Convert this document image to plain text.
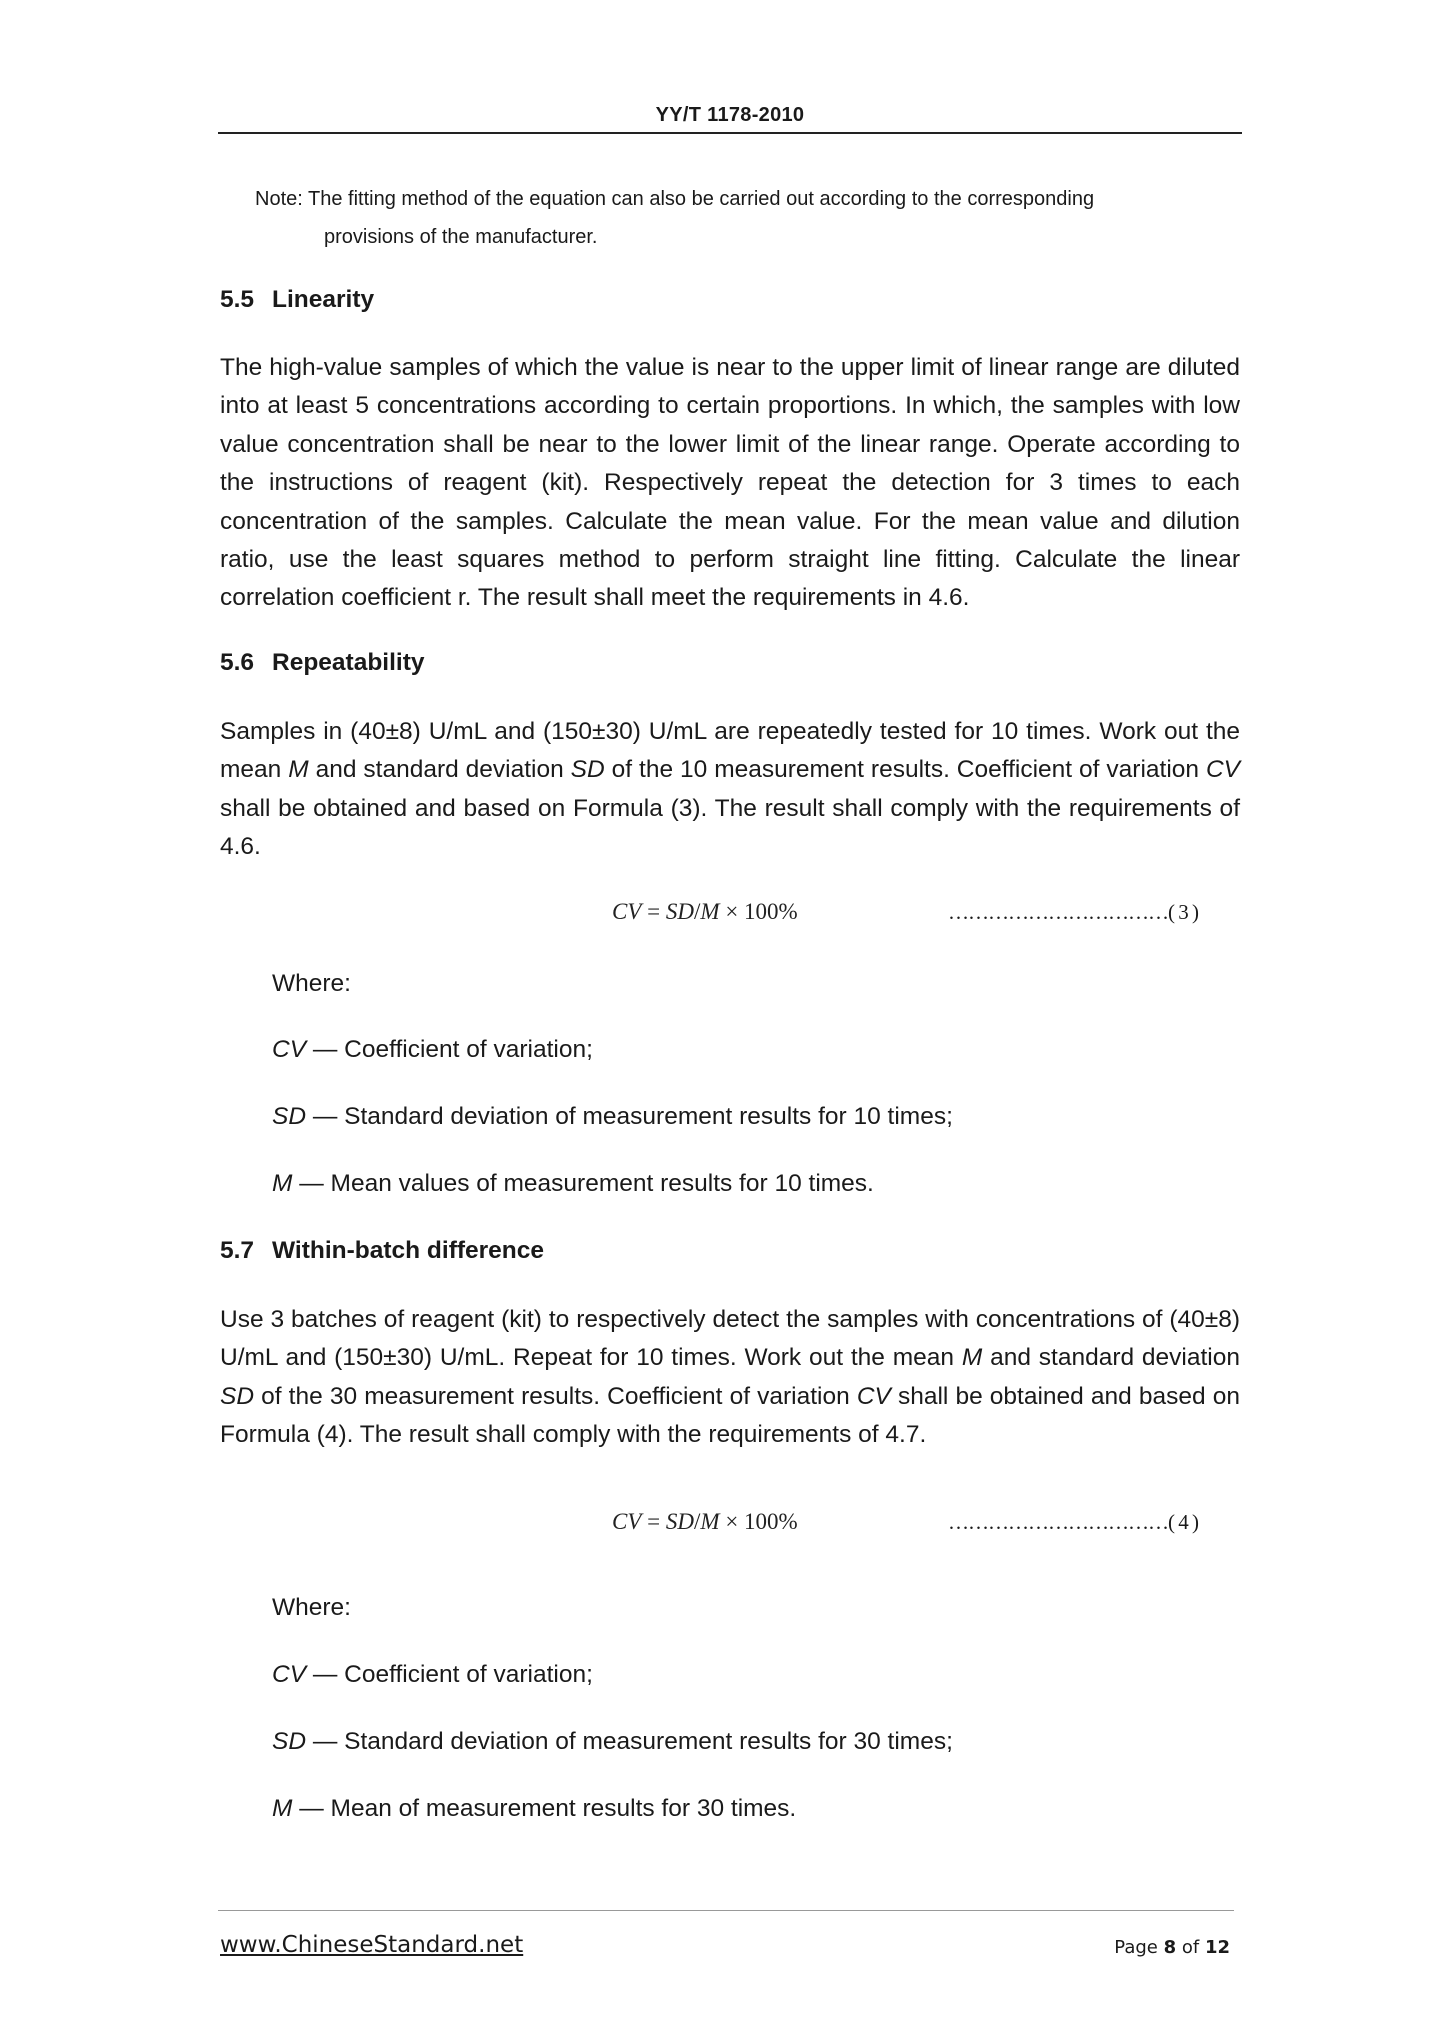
YY/T 1178-2010
Note: The fitting method of the equation can also be carried out according to the corresponding
provisions of the manufacturer.
5.5 Linearity
The high-value samples of which the value is near to the upper limit of linear range are diluted into at least 5 concentrations according to certain proportions. In which, the samples with low value concentration shall be near to the lower limit of the linear range. Operate according to the instructions of reagent (kit). Respectively repeat the detection for 3 times to each concentration of the samples. Calculate the mean value. For the mean value and dilution ratio, use the least squares method to perform straight line fitting. Calculate the linear correlation coefficient r. The result shall meet the requirements in 4.6.
5.6 Repeatability
Samples in (40±8) U/mL and (150±30) U/mL are repeatedly tested for 10 times. Work out the mean M and standard deviation SD of the 10 measurement results. Coefficient of variation CV shall be obtained and based on Formula (3). The result shall comply with the requirements of 4.6.
CV = SD/M × 100%	……………………………( 3 )
Where:
CV — Coefficient of variation;
SD — Standard deviation of measurement results for 10 times;
M — Mean values of measurement results for 10 times.
5.7 Within-batch difference
Use 3 batches of reagent (kit) to respectively detect the samples with concentrations of (40±8) U/mL and (150±30) U/mL. Repeat for 10 times. Work out the mean M and standard deviation SD of the 30 measurement results. Coefficient of variation CV shall be obtained and based on Formula (4). The result shall comply with the requirements of 4.7.
CV = SD/M × 100%	……………………………( 4 )
Where:
CV — Coefficient of variation;
SD — Standard deviation of measurement results for 30 times;
M — Mean of measurement results for 30 times.
www.ChineseStandard.net	Page 8 of 12
